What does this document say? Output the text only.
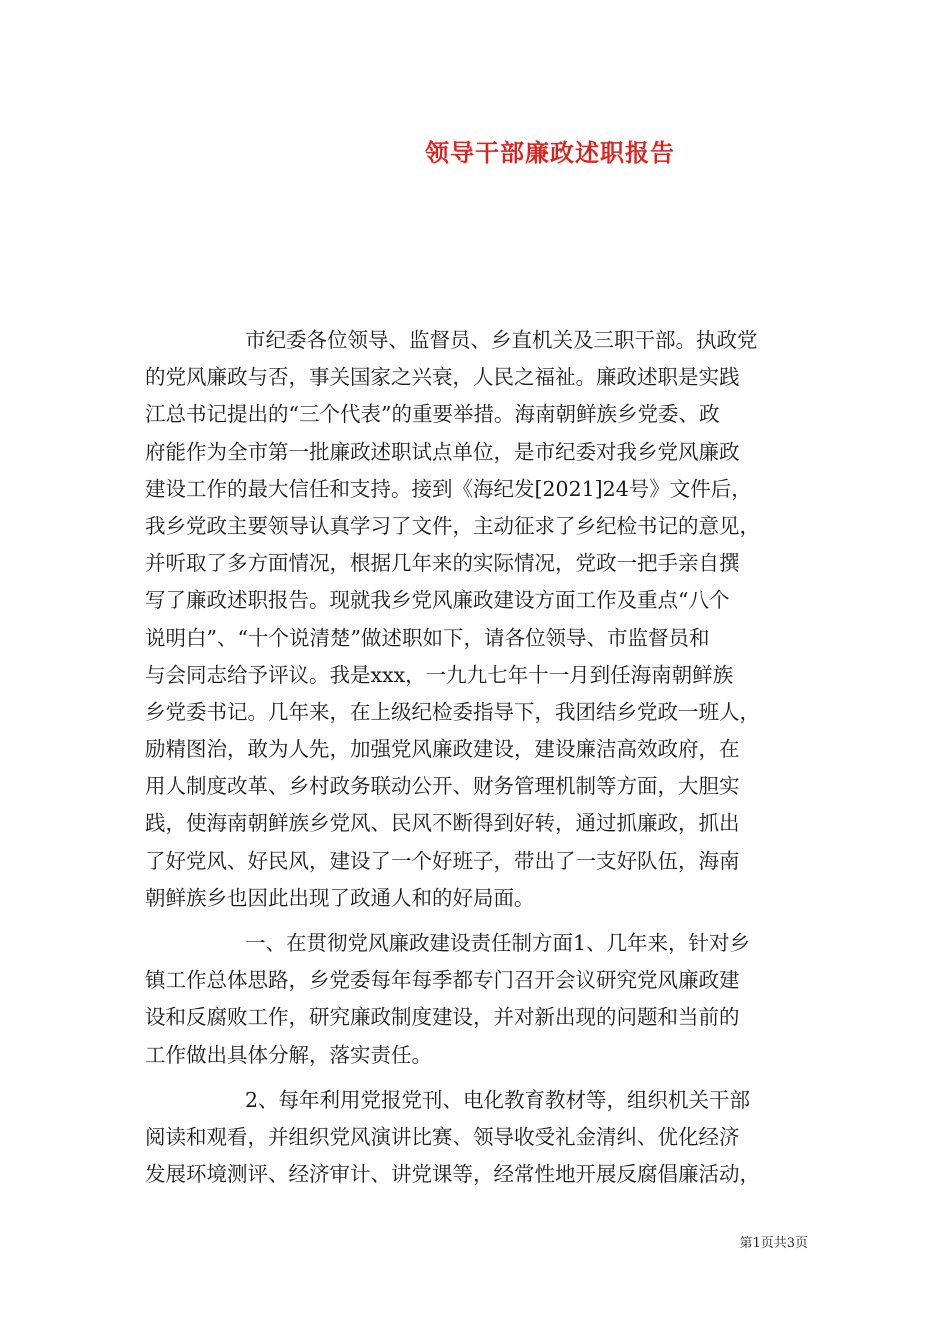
领导干部廉政述职报告
市纪委各位领导、监督员、乡直机关及三职干部。执政党
的党风廉政与否，事关国家之兴衰，人民之福祉。廉政述职是实践
江总书记提出的“三个代表”的重要举措。海南朝鲜族乡党委、政
府能作为全市第一批廉政述职试点单位，是市纪委对我乡党风廉政
建设工作的最大信任和支持。接到《海纪发[2021]24号》文件后，
我乡党政主要领导认真学习了文件，主动征求了乡纪检书记的意见，
并听取了多方面情况，根据几年来的实际情况，党政一把手亲自撰
写了廉政述职报告。现就我乡党风廉政建设方面工作及重点“八个
说明白”、“十个说清楚”做述职如下，请各位领导、市监督员和
与会同志给予评议。我是xxx，一九九七年十一月到任海南朝鲜族
乡党委书记。几年来，在上级纪检委指导下，我团结乡党政一班人，
励精图治，敢为人先，加强党风廉政建设，建设廉洁高效政府，在
用人制度改革、乡村政务联动公开、财务管理机制等方面，大胆实
践，使海南朝鲜族乡党风、民风不断得到好转，通过抓廉政，抓出
了好党风、好民风，建设了一个好班子，带出了一支好队伍，海南
朝鲜族乡也因此出现了政通人和的好局面。
一、在贯彻党风廉政建设责任制方面1、几年来，针对乡
镇工作总体思路，乡党委每年每季都专门召开会议研究党风廉政建
设和反腐败工作，研究廉政制度建设，并对新出现的问题和当前的
工作做出具体分解，落实责任。
2、每年利用党报党刊、电化教育教材等，组织机关干部
阅读和观看，并组织党风演讲比赛、领导收受礼金清纠、优化经济
发展环境测评、经济审计、讲党课等，经常性地开展反腐倡廉活动，
第1页共3页
